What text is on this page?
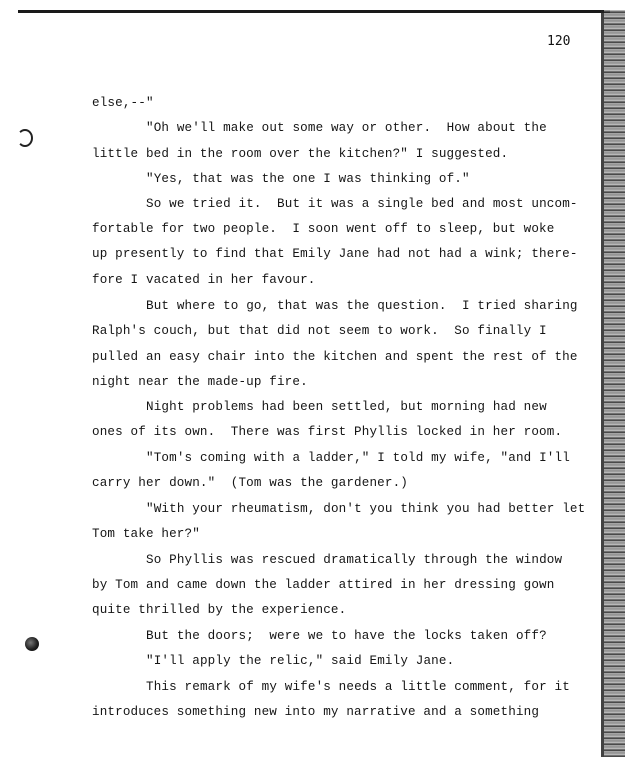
120
else,--"
"Oh we'll make out some way or other.  How about the
little bed in the room over the kitchen?" I suggested.
"Yes, that was the one I was thinking of."
So we tried it.  But it was a single bed and most uncom-
fortable for two people.  I soon went off to sleep, but woke
up presently to find that Emily Jane had not had a wink; there-
fore I vacated in her favour.
But where to go, that was the question.  I tried sharing
Ralph's couch, but that did not seem to work.  So finally I
pulled an easy chair into the kitchen and spent the rest of the
night near the made-up fire.
Night problems had been settled, but morning had new
ones of its own.  There was first Phyllis locked in her room.
"Tom's coming with a ladder," I told my wife, "and I'll
carry her down."  (Tom was the gardener.)
"With your rheumatism, don't you think you had better let
Tom take her?"
So Phyllis was rescued dramatically through the window
by Tom and came down the ladder attired in her dressing gown
quite thrilled by the experience.
But the doors;  were we to have the locks taken off?
"I'll apply the relic," said Emily Jane.
This remark of my wife's needs a little comment, for it
introduces something new into my narrative and a something
